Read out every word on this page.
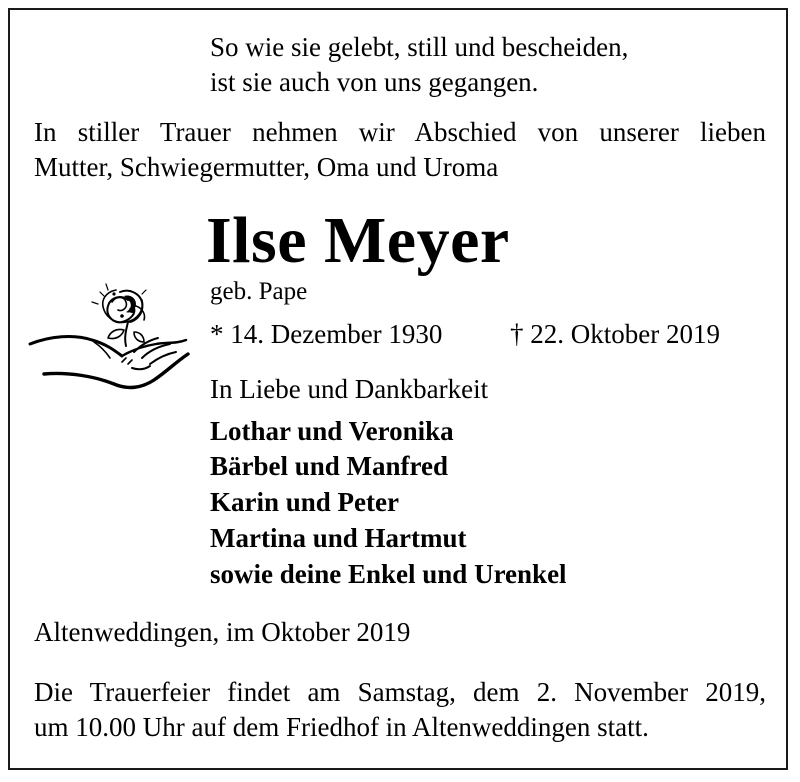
So wie sie gelebt, still und bescheiden,
ist sie auch von uns gegangen.
In stiller Trauer nehmen wir Abschied von unserer lieben
Mutter, Schwiegermutter, Oma und Uroma
Ilse Meyer
geb. Pape
* 14. Dezember 1930	† 22. Oktober 2019
In Liebe und Dankbarkeit
Lothar und Veronika
Bärbel und Manfred
Karin und Peter
Martina und Hartmut
sowie deine Enkel und Urenkel
Altenweddingen, im Oktober 2019
Die Trauerfeier findet am Samstag, dem 2. November 2019,
um 10.00 Uhr auf dem Friedhof in Altenweddingen statt.
